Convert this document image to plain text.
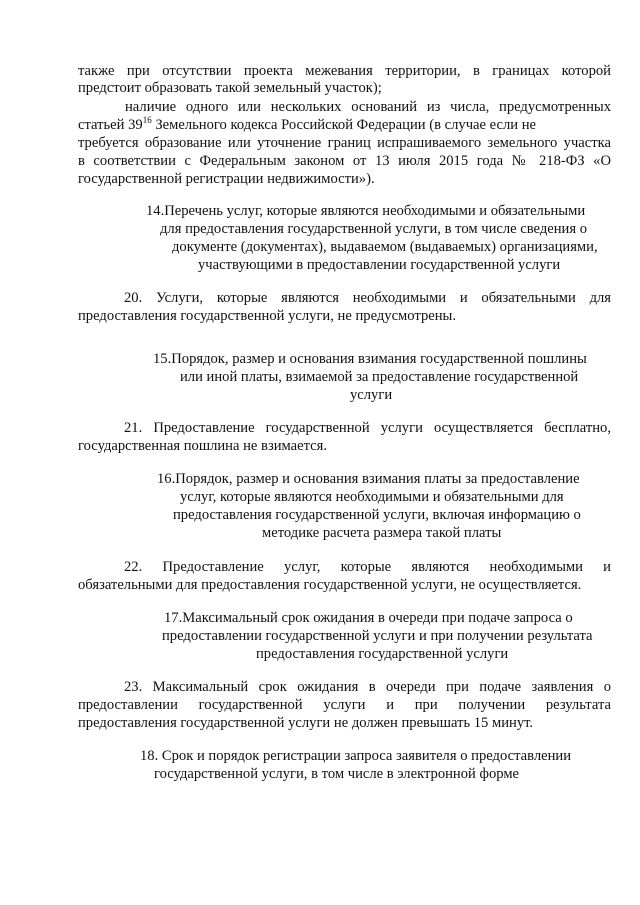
также при отсутствии проекта межевания территории, в границах которой
предстоит образовать такой земельный участок);
наличие одного или нескольких оснований из числа, предусмотренных
статьей $39^{16}$ Земельного кодекса Российской Федерации (в случае если не
требуется образование или уточнение границ испрашиваемого земельного участка
в соответствии с Федеральным законом от 13 июля 2015 года № 218-ФЗ «О
государственной регистрации недвижимости»).
14.Перечень услуг, которые являются необходимыми и обязательными
для предоставления государственной услуги, в том числе сведения о
документе (документах), выдаваемом (выдаваемых) организациями,
участвующими в предоставлении государственной услуги
20. Услуги, которые являются необходимыми и обязательными для
предоставления государственной услуги, не предусмотрены.
15.Порядок, размер и основания взимания государственной пошлины
или иной платы, взимаемой за предоставление государственной
услуги
21. Предоставление государственной услуги осуществляется бесплатно,
государственная пошлина не взимается.
16.Порядок, размер и основания взимания платы за предоставление
услуг, которые являются необходимыми и обязательными для
предоставления государственной услуги, включая информацию о
методике расчета размера такой платы
22. Предоставление услуг, которые являются необходимыми и
обязательными для предоставления государственной услуги, не осуществляется.
17.Максимальный срок ожидания в очереди при подаче запроса о
предоставлении государственной услуги и при получении результата
предоставления государственной услуги
23. Максимальный срок ожидания в очереди при подаче заявления о
предоставлении государственной услуги и при получении результата
предоставления государственной услуги не должен превышать 15 минут.
18. Срок и порядок регистрации запроса заявителя о предоставлении
государственной услуги, в том числе в электронной форме
